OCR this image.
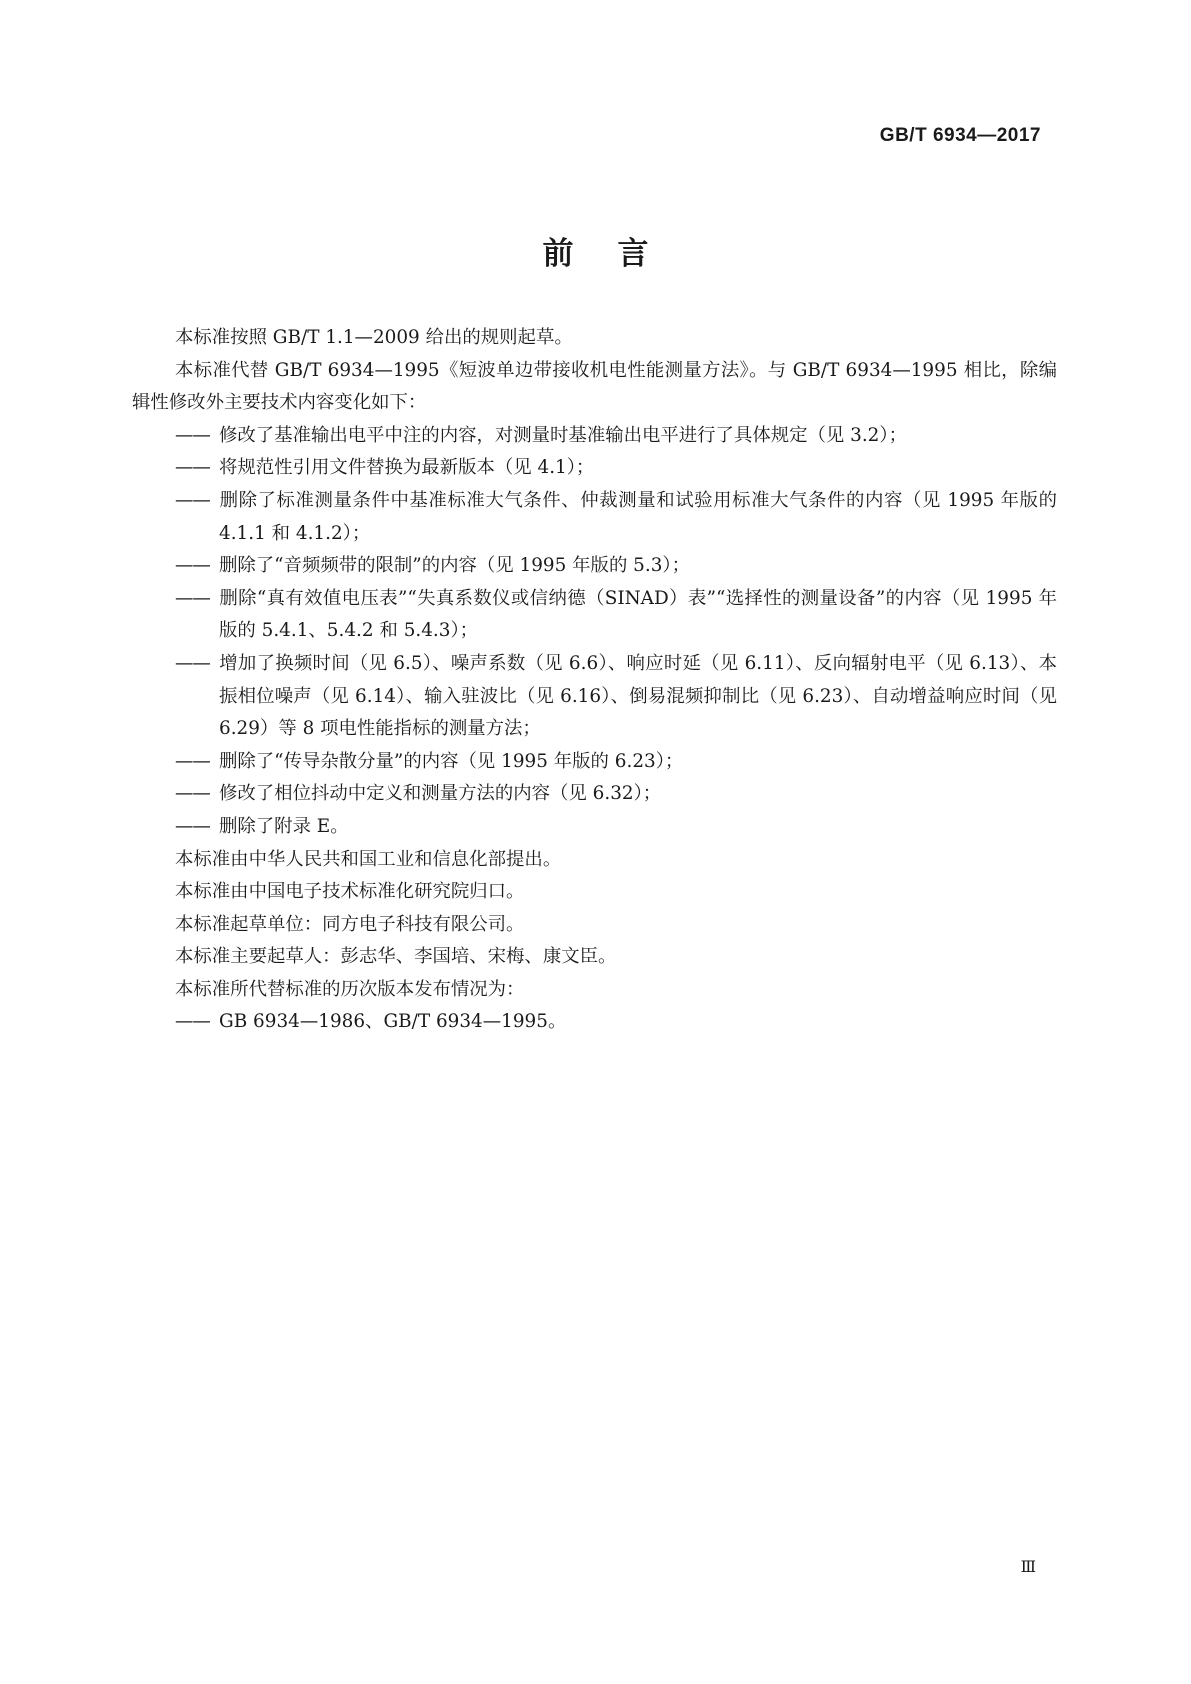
GB/T 6934—2017
前言

本标准按照 GB/T 1.1—2009 给出的规则起草。

本标准代替 GB/T 6934—1995《短波单边带接收机电性能测量方法》。与 GB/T 6934—1995 相比，除编辑性修改外主要技术内容变化如下：

—— 修改了基准输出电平中注的内容，对测量时基准输出电平进行了具体规定（见 3.2）；

—— 将规范性引用文件替换为最新版本（见 4.1）；

—— 删除了标准测量条件中基准标准大气条件、仲裁测量和试验用标准大气条件的内容（见 1995 年版的 4.1.1 和 4.1.2）；

—— 删除了“音频频带的限制”的内容（见 1995 年版的 5.3）；

—— 删除“真有效值电压表”“失真系数仪或信纳德（SINAD）表”“选择性的测量设备”的内容（见 1995 年版的 5.4.1、5.4.2 和 5.4.3）；

—— 增加了换频时间（见 6.5）、噪声系数（见 6.6）、响应时延（见 6.11）、反向辐射电平（见 6.13）、本振相位噪声（见 6.14）、输入驻波比（见 6.16）、倒易混频抑制比（见 6.23）、自动增益响应时间（见 6.29）等 8 项电性能指标的测量方法；

—— 删除了“传导杂散分量”的内容（见 1995 年版的 6.23）；

—— 修改了相位抖动中定义和测量方法的内容（见 6.32）；

—— 删除了附录 E。

本标准由中华人民共和国工业和信息化部提出。

本标准由中国电子技术标准化研究院归口。

本标准起草单位：同方电子科技有限公司。

本标准主要起草人：彭志华、李国培、宋梅、康文臣。

本标准所代替标准的历次版本发布情况为：

—— GB 6934—1986、GB/T 6934—1995。

Ⅲ
